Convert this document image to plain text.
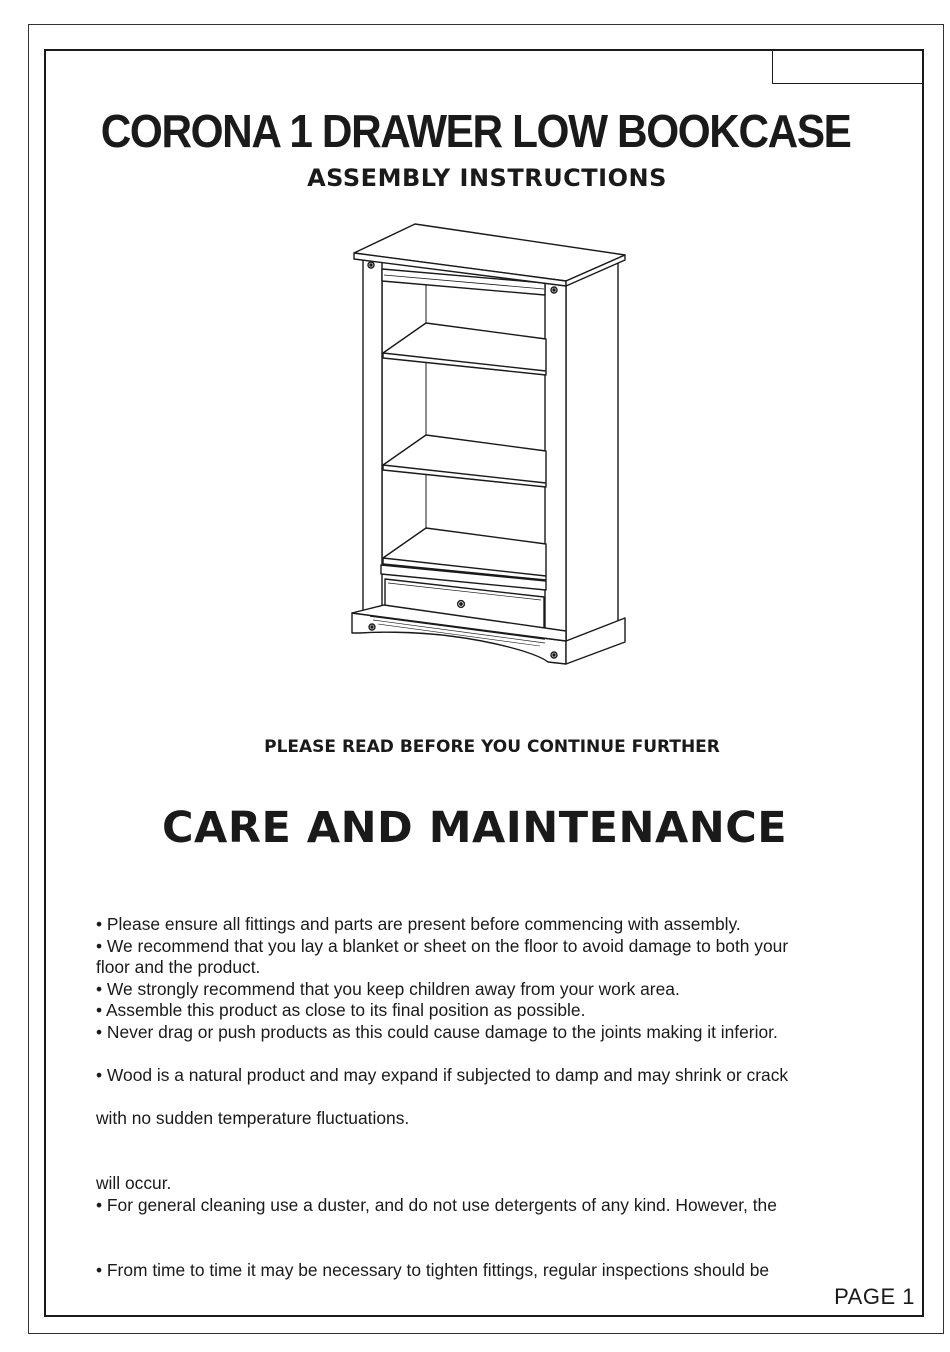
CORONA 1 DRAWER LOW BOOKCASE
ASSEMBLY INSTRUCTIONS
PLEASE READ BEFORE YOU CONTINUE FURTHER
CARE AND MAINTENANCE
• Please ensure all fittings and parts are present before commencing with assembly.
• We recommend that you lay a blanket or sheet on the floor to avoid damage to both your
floor and the product.
• We strongly recommend that you keep children away from your work area.
• Assemble this product as close to its final position as possible.
• Never drag or push products as this could cause damage to the joints making it inferior.
• Wood is a natural product and may expand if subjected to damp and may shrink or crack
with no sudden temperature fluctuations.
will occur.
• For general cleaning use a duster, and do not use detergents of any kind. However, the
• From time to time it may be necessary to tighten fittings, regular inspections should be
PAGE 1
